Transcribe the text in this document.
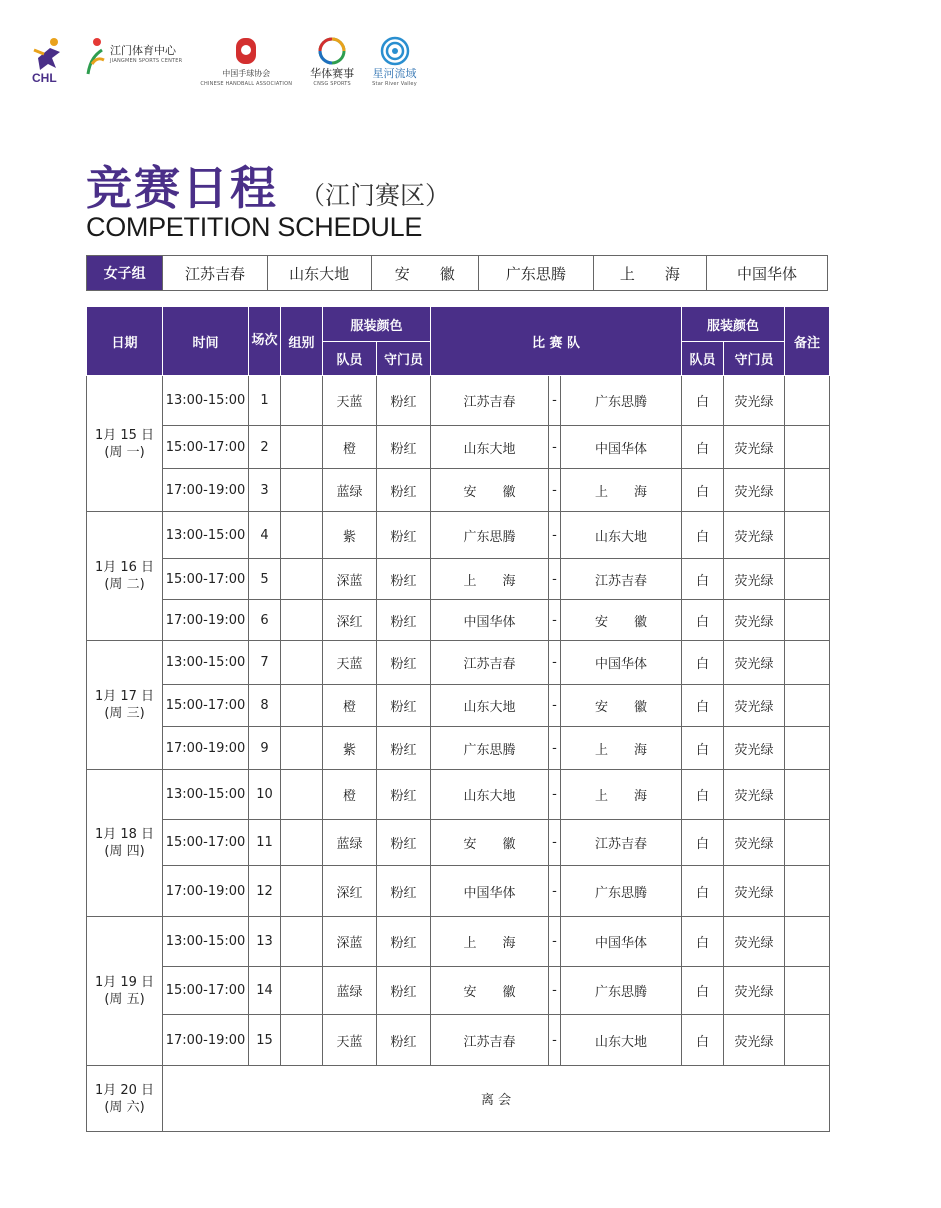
CHL
江门体育中心
JIANGMEN SPORTS CENTER
中国手球协会
CHINESE HANDBALL ASSOCIATION
华体赛事
CNSG SPORTS
星河流域
Star River Valley
竞赛日程 （江门赛区）
COMPETITION SCHEDULE
女子组	江苏吉春	山东大地	安　　徽	广东思腾	上　　海	中国华体
日期	时间	场次	组别	服装颜色		比 赛 队			服装颜色		备注
				队员	守门员				队员	守门员	

1月 15 日
(周 一)	13:00-15:00	1		天蓝	粉红	江苏吉春	-	广东思腾	白	荧光绿	
	15:00-17:00	2		橙	粉红	山东大地	-	中国华体	白	荧光绿	
	17:00-19:00	3		蓝绿	粉红	安　　徽	-	上　　海	白	荧光绿	

1月 16 日
(周 二)	13:00-15:00	4		紫	粉红	广东思腾	-	山东大地	白	荧光绿	
	15:00-17:00	5		深蓝	粉红	上　　海	-	江苏吉春	白	荧光绿	
	17:00-19:00	6		深红	粉红	中国华体	-	安　　徽	白	荧光绿	

1月 17 日
(周 三)	13:00-15:00	7		天蓝	粉红	江苏吉春	-	中国华体	白	荧光绿	
	15:00-17:00	8		橙	粉红	山东大地	-	安　　徽	白	荧光绿	
	17:00-19:00	9		紫	粉红	广东思腾	-	上　　海	白	荧光绿	

1月 18 日
(周 四)	13:00-15:00	10		橙	粉红	山东大地	-	上　　海	白	荧光绿	
	15:00-17:00	11		蓝绿	粉红	安　　徽	-	江苏吉春	白	荧光绿	
	17:00-19:00	12		深红	粉红	中国华体	-	广东思腾	白	荧光绿	

1月 19 日
(周 五)	13:00-15:00	13		深蓝	粉红	上　　海	-	中国华体	白	荧光绿	
	15:00-17:00	14		蓝绿	粉红	安　　徽	-	广东思腾	白	荧光绿	
	17:00-19:00	15		天蓝	粉红	江苏吉春	-	山东大地	白	荧光绿	

1月 20 日
(周 六)	离 会										
